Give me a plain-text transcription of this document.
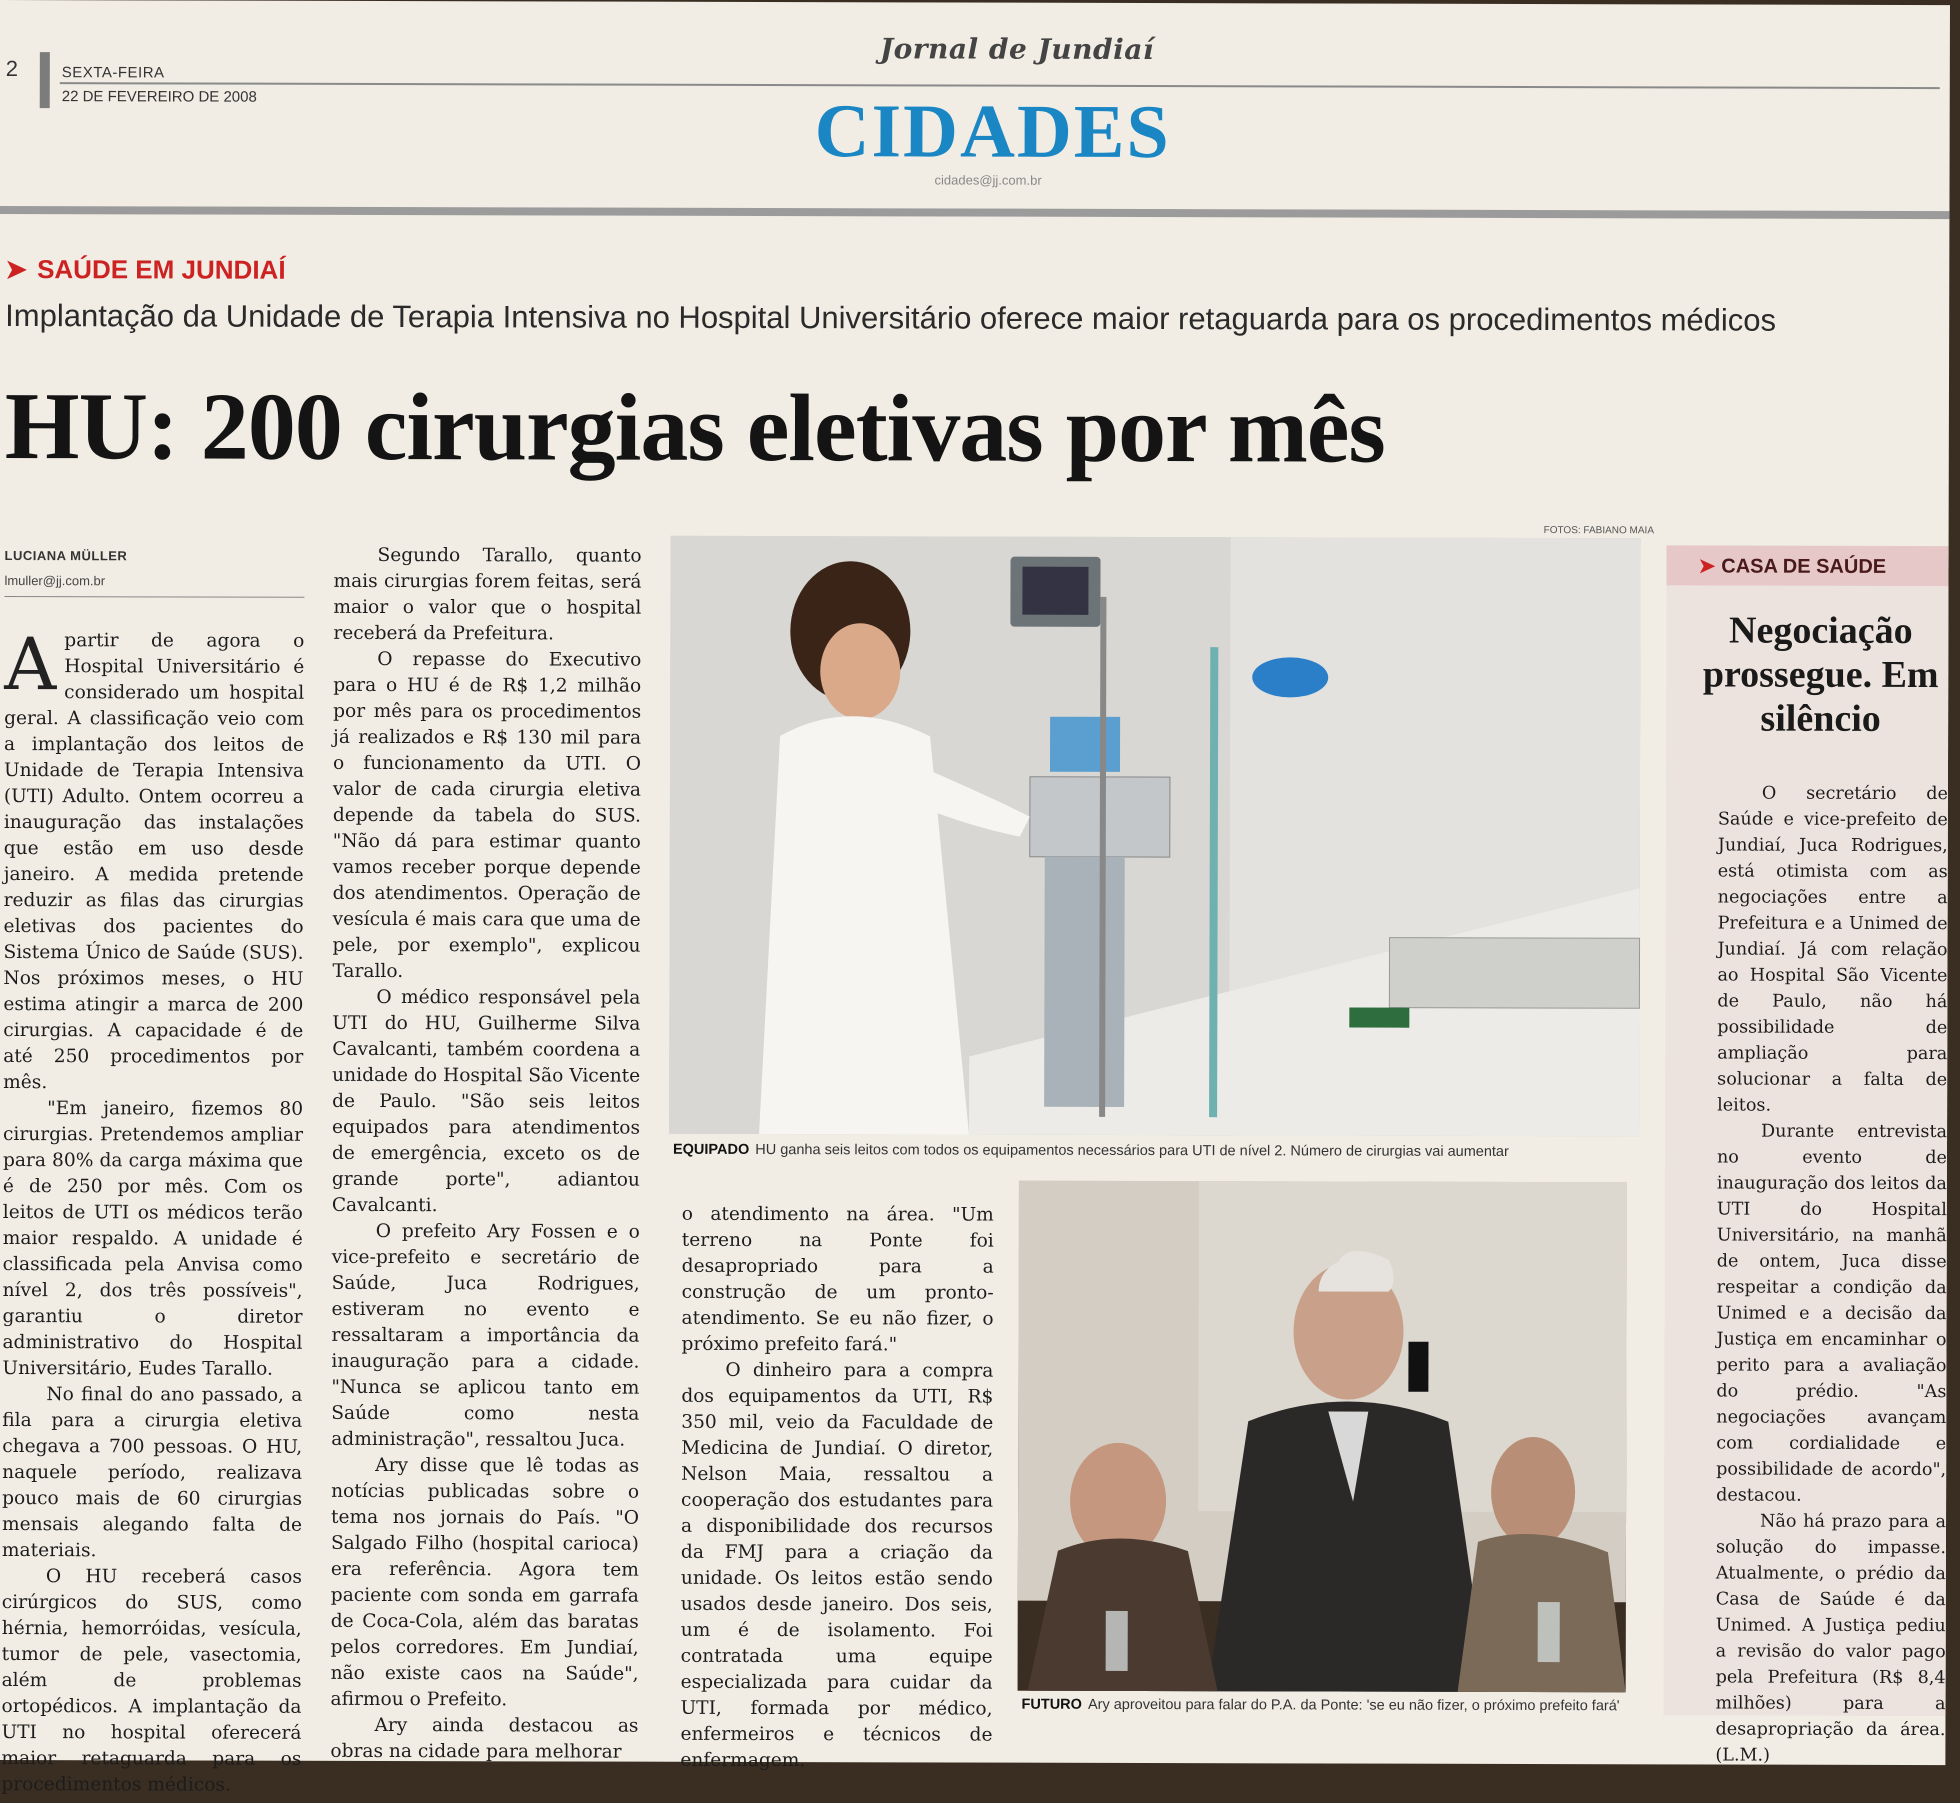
2	SEXTA-FEIRA
22 DE FEVEREIRO DE 2008
Jornal de Jundiaí
CIDADES
cidades@jj.com.br
➤ SAÚDE EM JUNDIAÍ
Implantação da Unidade de Terapia Intensiva no Hospital Universitário oferece maior retaguarda para os procedimentos médicos
HU: 200 cirurgias eletivas por mês
FOTOS: FABIANO MAIA
LUCIANA MÜLLER
lmuller@jj.com.br

Apartir de agora o Hospital Universitário é considerado um hospital geral. A classificação veio com a implantação dos leitos de Unidade de Terapia Intensiva (UTI) Adulto. Ontem ocorreu a inauguração das instalações que estão em uso desde janeiro. A medida pretende reduzir as filas das cirurgias eletivas dos pacientes do Sistema Único de Saúde (SUS). Nos próximos meses, o HU estima atingir a marca de 200 cirurgias. A capacidade é de até 250 procedimentos por mês.

"Em janeiro, fizemos 80 cirurgias. Pretendemos ampliar para 80% da carga máxima que é de 250 por mês. Com os leitos de UTI os médicos terão maior respaldo. A unidade é classificada pela Anvisa como nível 2, dos três possíveis", garantiu o diretor administrativo do Hospital Universitário, Eudes Tarallo.

No final do ano passado, a fila para a cirurgia eletiva chegava a 700 pessoas. O HU, naquele período, realizava pouco mais de 60 cirurgias mensais alegando falta de materiais.

O HU receberá casos cirúrgicos do SUS, como hérnia, hemorróidas, vesícula, tumor de pele, vasectomia, além de problemas ortopédicos. A implantação da UTI no hospital oferecerá maior retaguarda para os procedimentos médicos.

Segundo Tarallo, quanto mais cirurgias forem feitas, será maior o valor que o hospital receberá da Prefeitura.

O repasse do Executivo para o HU é de R$ 1,2 milhão por mês para os procedimentos já realizados e R$ 130 mil para o funcionamento da UTI. O valor de cada cirurgia eletiva depende da tabela do SUS. "Não dá para estimar quanto vamos receber porque depende dos atendimentos. Operação de vesícula é mais cara que uma de pele, por exemplo", explicou Tarallo.

O médico responsável pela UTI do HU, Guilherme Silva Cavalcanti, também coordena a unidade do Hospital São Vicente de Paulo. "São seis leitos equipados para atendimentos de emergência, exceto os de grande porte", adiantou Cavalcanti.

O prefeito Ary Fossen e o vice-prefeito e secretário de Saúde, Juca Rodrigues, estiveram no evento e ressaltaram a importância da inauguração para a cidade. "Nunca se aplicou tanto em Saúde como nesta administração", ressaltou Juca.

Ary disse que lê todas as notícias publicadas sobre o tema nos jornais do País. "O Salgado Filho (hospital carioca) era referência. Agora tem paciente com sonda em garrafa de Coca-Cola, além das baratas pelos corredores. Em Jundiaí, não existe caos na Saúde", afirmou o Prefeito.

Ary ainda destacou as obras na cidade para melhorar

EQUIPADO HU ganha seis leitos com todos os equipamentos necessários para UTI de nível 2. Número de cirurgias vai aumentar

o atendimento na área. "Um terreno na Ponte foi desapropriado para a construção de um pronto-atendimento. Se eu não fizer, o próximo prefeito fará."

O dinheiro para a compra dos equipamentos da UTI, R$ 350 mil, veio da Faculdade de Medicina de Jundiaí. O diretor, Nelson Maia, ressaltou a cooperação dos estudantes para a disponibilidade dos recursos da FMJ para a criação da unidade. Os leitos estão sendo usados desde janeiro. Dos seis, um é de isolamento. Foi contratada uma equipe especializada para cuidar da UTI, formada por médico, enfermeiros e técnicos de enfermagem.

FUTURO Ary aproveitou para falar do P.A. da Ponte: 'se eu não fizer, o próximo prefeito fará'
➤ CASA DE SAÚDE
Negociação prossegue. Em silêncio

O secretário de Saúde e vice-prefeito de Jundiaí, Juca Rodrigues, está otimista com as negociações entre a Prefeitura e a Unimed de Jundiaí. Já com relação ao Hospital São Vicente de Paulo, não há possibilidade de ampliação para solucionar a falta de leitos.

Durante entrevista no evento de inauguração dos leitos da UTI do Hospital Universitário, na manhã de ontem, Juca disse respeitar a condição da Unimed e a decisão da Justiça em encaminhar o perito para a avaliação do prédio. "As negociações avançam com cordialidade e possibilidade de acordo", destacou.

Não há prazo para a solução do impasse. Atualmente, o prédio da Casa de Saúde é da Unimed. A Justiça pediu a revisão do valor pago pela Prefeitura (R$ 8,4 milhões) para a desapropriação da área. (L.M.)
